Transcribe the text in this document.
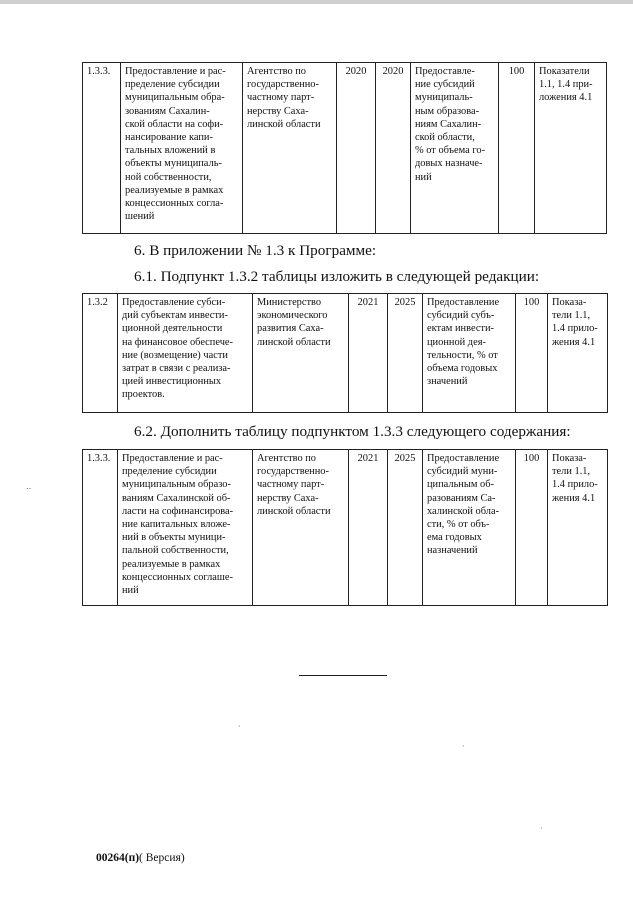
1.3.3.	Предоставление и рас-
пределение субсидии
муниципальным обра-
зованиям Сахалин-
ской области на софи-
нансирование капи-
тальных вложений в
объекты муниципаль-
ной собственности,
реализуемые в рамках
концессионных согла-
шений	Агентство по
государственно-
частному парт-
нерству Саха-
линской области	2020	2020	Предоставле-
ние субсидий
муниципаль-
ным образова-
ниям Сахалин-
ской области,
% от объема го-
довых назначе-
ний	100	Показатели
1.1, 1.4 при-
ложения 4.1
6. В приложении № 1.3 к Программе:
6.1. Подпункт 1.3.2 таблицы изложить в следующей редакции:
1.3.2	Предоставление субси-
дий субъектам инвести-
ционной деятельности
на финансовое обеспече-
ние (возмещение) части
затрат в связи с реализа-
цией инвестиционных
проектов.	Министерство
экономического
развития Саха-
линской области	2021	2025	Предоставление
субсидий субъ-
ектам инвести-
ционной дея-
тельности, % от
объема годовых
значений	100	Показа-
тели 1.1,
1.4 прило-
жения 4.1
6.2. Дополнить таблицу подпунктом 1.3.3 следующего содержания:
1.3.3.	Предоставление и рас-
пределение субсидии
муниципальным образо-
ваниям Сахалинской об-
ласти на софинансирова-
ние капитальных вложе-
ний в объекты муници-
пальной собственности,
реализуемые в рамках
концессионных соглаше-
ний	Агентство по
государственно-
частному парт-
нерству Саха-
линской области	2021	2025	Предоставление
субсидий муни-
ципальным об-
разованиям Са-
халинской обла-
сти, % от объ-
ема годовых
назначений	100	Показа-
тели 1.1,
1.4 прило-
жения 4.1
‥
·
·
·
00264(п)( Версия)
